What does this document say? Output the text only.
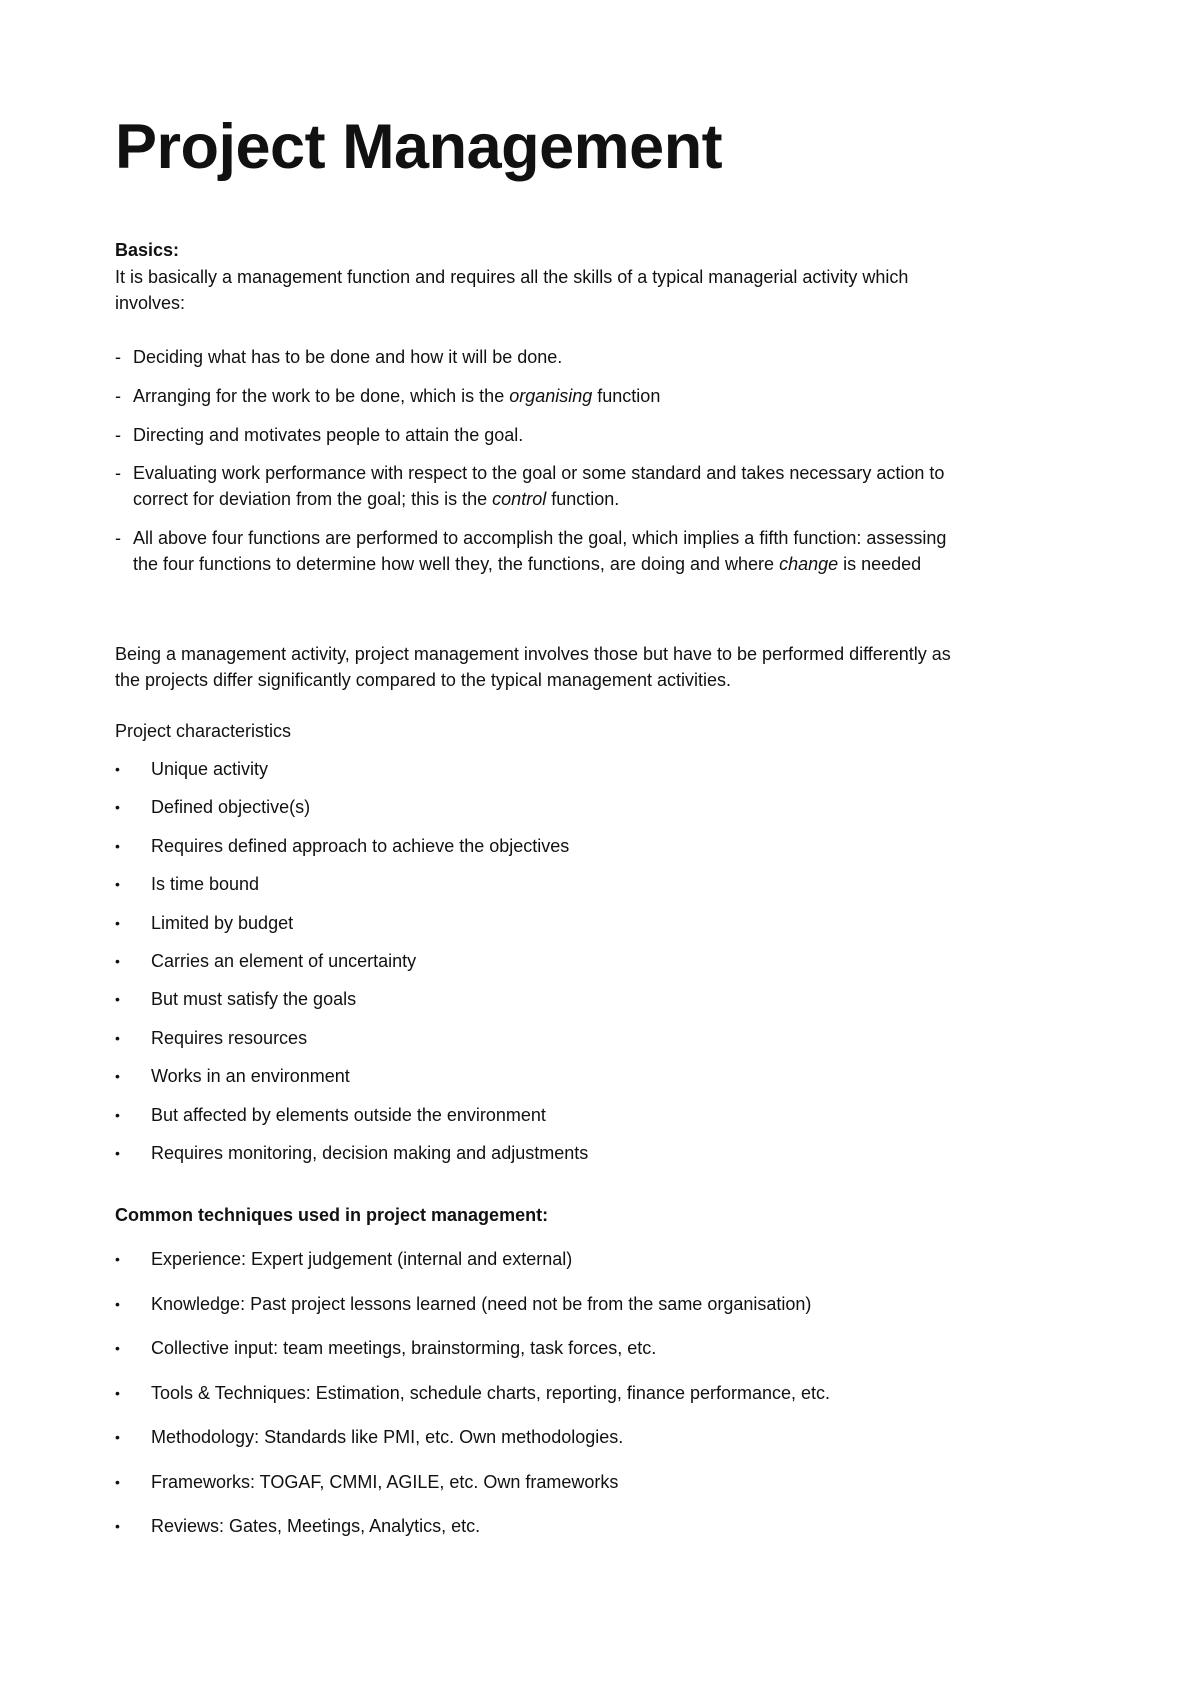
Project Management

Basics:

It is basically a management function and requires all the skills of a typical managerial activity which

involves:

- Deciding what has to be done and how it will be done.
- Arranging for the work to be done, which is the organising function
- Directing and motivates people to attain the goal.
- Evaluating work performance with respect to the goal or some standard and takes necessary action to
correct for deviation from the goal; this is the control function.
- All above four functions are performed to accomplish the goal, which implies a fifth function: assessing
the four functions to determine how well they, the functions, are doing and where change is needed

Being a management activity, project management involves those but have to be performed differently as

the projects differ significantly compared to the typical management activities.

Project characteristics

• Unique activity
• Defined objective(s)
• Requires defined approach to achieve the objectives
• Is time bound
• Limited by budget
• Carries an element of uncertainty
• But must satisfy the goals
• Requires resources
• Works in an environment
• But affected by elements outside the environment
• Requires monitoring, decision making and adjustments

Common techniques used in project management:

• Experience: Expert judgement (internal and external)
• Knowledge: Past project lessons learned (need not be from the same organisation)
• Collective input: team meetings, brainstorming, task forces, etc.
• Tools & Techniques: Estimation, schedule charts, reporting, finance performance, etc.
• Methodology: Standards like PMI, etc. Own methodologies.
• Frameworks: TOGAF, CMMI, AGILE, etc. Own frameworks
• Reviews: Gates, Meetings, Analytics, etc.
